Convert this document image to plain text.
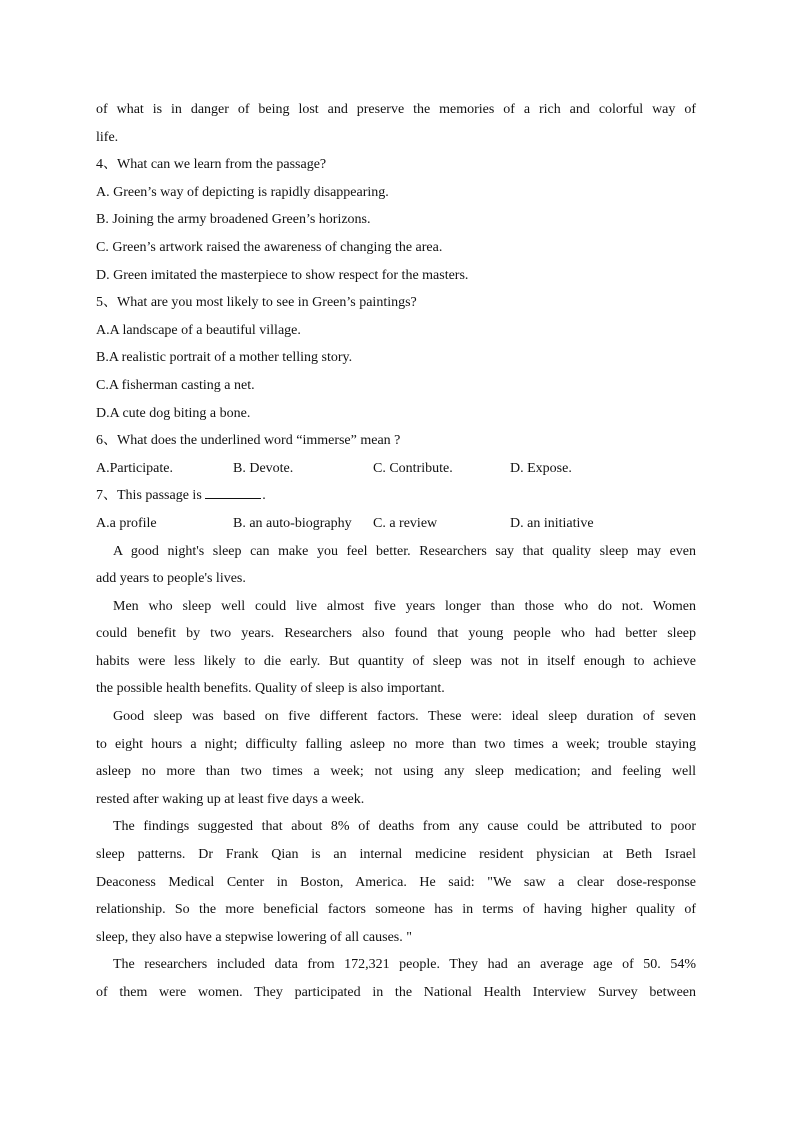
of what is in danger of being lost and preserve the memories of a rich and colorful way of
life.
4、What can we learn from the passage?
A. Green’s way of depicting is rapidly disappearing.
B. Joining the army broadened Green’s horizons.
C. Green’s artwork raised the awareness of changing the area.
D. Green imitated the masterpiece to show respect for the masters.
5、What are you most likely to see in Green’s paintings?
A.A landscape of a beautiful village.
B.A realistic portrait of a mother telling story.
C.A fisherman casting a net.
D.A cute dog biting a bone.
6、What does the underlined word “immerse” mean ?
A.Participate.	B. Devote.	C. Contribute.	D. Expose.
7、This passage is	.
A.a profile	B. an auto-biography	C. a review	D. an initiative
A good night's sleep can make you feel better. Researchers say that quality sleep may even
add years to people's lives.
Men who sleep well could live almost five years longer than those who do not. Women
could benefit by two years. Researchers also found that young people who had better sleep
habits were less likely to die early. But quantity of sleep was not in itself enough to achieve
the possible health benefits. Quality of sleep is also important.
Good sleep was based on five different factors. These were: ideal sleep duration of seven
to eight hours a night; difficulty falling asleep no more than two times a week; trouble staying
asleep no more than two times a week; not using any sleep medication; and feeling well
rested after waking up at least five days a week.
The findings suggested that about 8% of deaths from any cause could be attributed to poor
sleep patterns. Dr Frank Qian is an internal medicine resident physician at Beth Israel
Deaconess Medical Center in Boston, America. He said: "We saw a clear dose-response
relationship. So the more beneficial factors someone has in terms of having higher quality of
sleep, they also have a stepwise lowering of all causes. "
The researchers included data from 172,321 people. They had an average age of 50. 54%
of them were women. They participated in the National Health Interview Survey between
